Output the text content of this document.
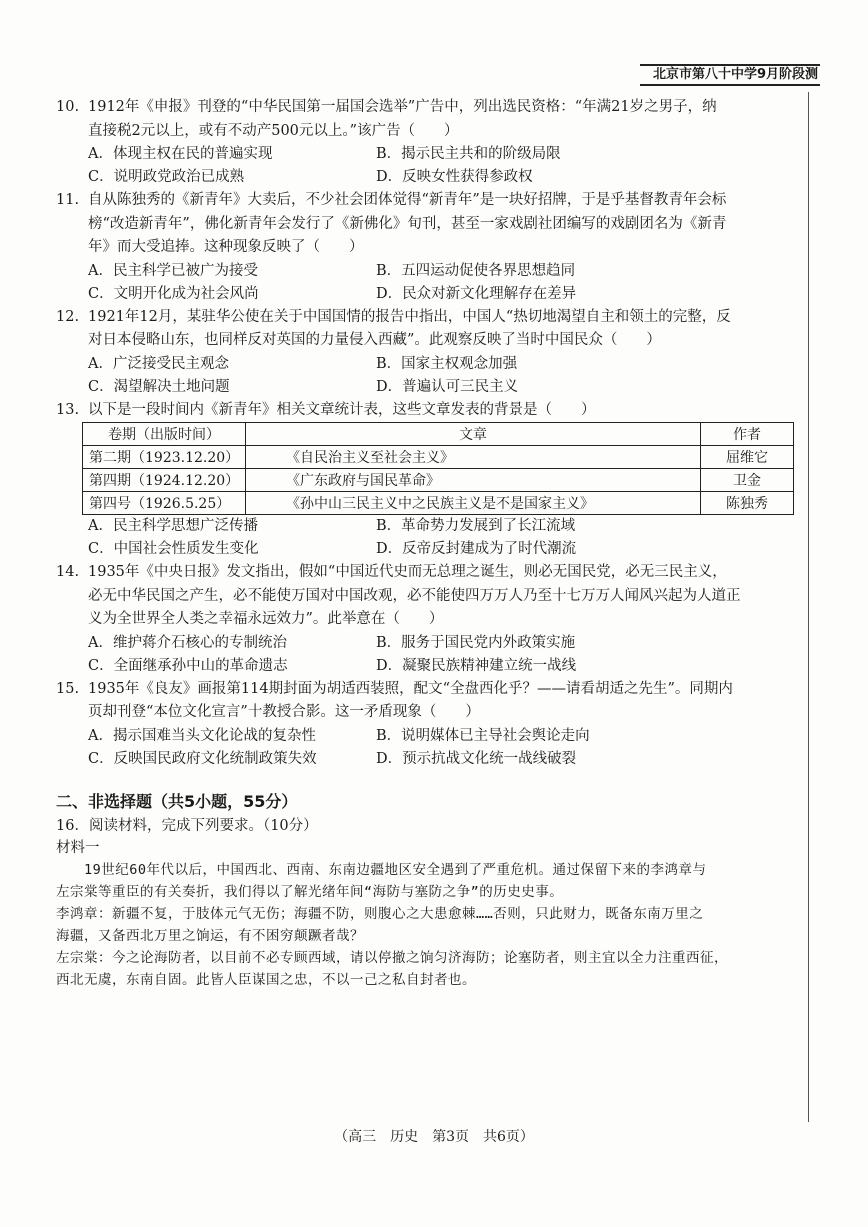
北京市第八十中学9月阶段测
10. 1912年《申报》刊登的“中华民国第一届国会选举”广告中，列出选民资格：“年满21岁之男子，纳
直接税2元以上，或有不动产500元以上。”该广告（　　）
A．体现主权在民的普遍实现	B．揭示民主共和的阶级局限
C．说明政党政治已成熟	D．反映女性获得参政权
11. 自从陈独秀的《新青年》大卖后，不少社会团体觉得“新青年”是一块好招牌，于是乎基督教青年会标
榜“改造新青年”，佛化新青年会发行了《新佛化》旬刊，甚至一家戏剧社团编写的戏剧团名为《新青
年》而大受追捧。这种现象反映了（　　）
A．民主科学已被广为接受	B．五四运动促使各界思想趋同
C．文明开化成为社会风尚	D．民众对新文化理解存在差异
12. 1921年12月，某驻华公使在关于中国国情的报告中指出，中国人“热切地渴望自主和领土的完整，反
对日本侵略山东，也同样反对英国的力量侵入西藏”。此观察反映了当时中国民众（　　）
A．广泛接受民主观念	B．国家主权观念加强
C．渴望解决土地问题	D．普遍认可三民主义
13. 以下是一段时间内《新青年》相关文章统计表，这些文章发表的背景是（　　）
卷期（出版时间）	文章	作者
第二期（1923.12.20）	《自民治主义至社会主义》	屈维它
第四期（1924.12.20）	《广东政府与国民革命》	卫金
第四号（1926.5.25）	《孙中山三民主义中之民族主义是不是国家主义》	陈独秀
A．民主科学思想广泛传播	B．革命势力发展到了长江流域
C．中国社会性质发生变化	D．反帝反封建成为了时代潮流
14. 1935年《中央日报》发文指出，假如“中国近代史而无总理之诞生，则必无国民党，必无三民主义，
必无中华民国之产生，必不能使万国对中国改观，必不能使四万万人乃至十七万万人闻风兴起为人道正
义为全世界全人类之幸福永远效力”。此举意在（　　）
A．维护蒋介石核心的专制统治	B．服务于国民党内外政策实施
C．全面继承孙中山的革命遗志	D．凝聚民族精神建立统一战线
15. 1935年《良友》画报第114期封面为胡适西装照，配文“全盘西化乎？——请看胡适之先生”。同期内
页却刊登“本位文化宣言”十教授合影。这一矛盾现象（　　）
A．揭示国难当头文化论战的复杂性	B．说明媒体已主导社会舆论走向
C．反映国民政府文化统制政策失效	D．预示抗战文化统一战线破裂
二、非选择题（共5小题，55分）
16．阅读材料，完成下列要求。（10分）
材料一
19世纪60年代以后，中国西北、西南、东南边疆地区安全遇到了严重危机。通过保留下来的李鸿章与
左宗棠等重臣的有关奏折，我们得以了解光绪年间“海防与塞防之争”的历史史事。
李鸿章：新疆不复，于肢体元气无伤；海疆不防，则腹心之大患愈棘……否则，只此财力，既备东南万里之
海疆，又备西北万里之饷运，有不困穷颠蹶者哉？
左宗棠：今之论海防者，以目前不必专顾西域，请以停撤之饷匀济海防；论塞防者，则主宜以全力注重西征，
西北无虞，东南自固。此皆人臣谋国之忠，不以一己之私自封者也。
（高三　历史　第3页　共6页）
